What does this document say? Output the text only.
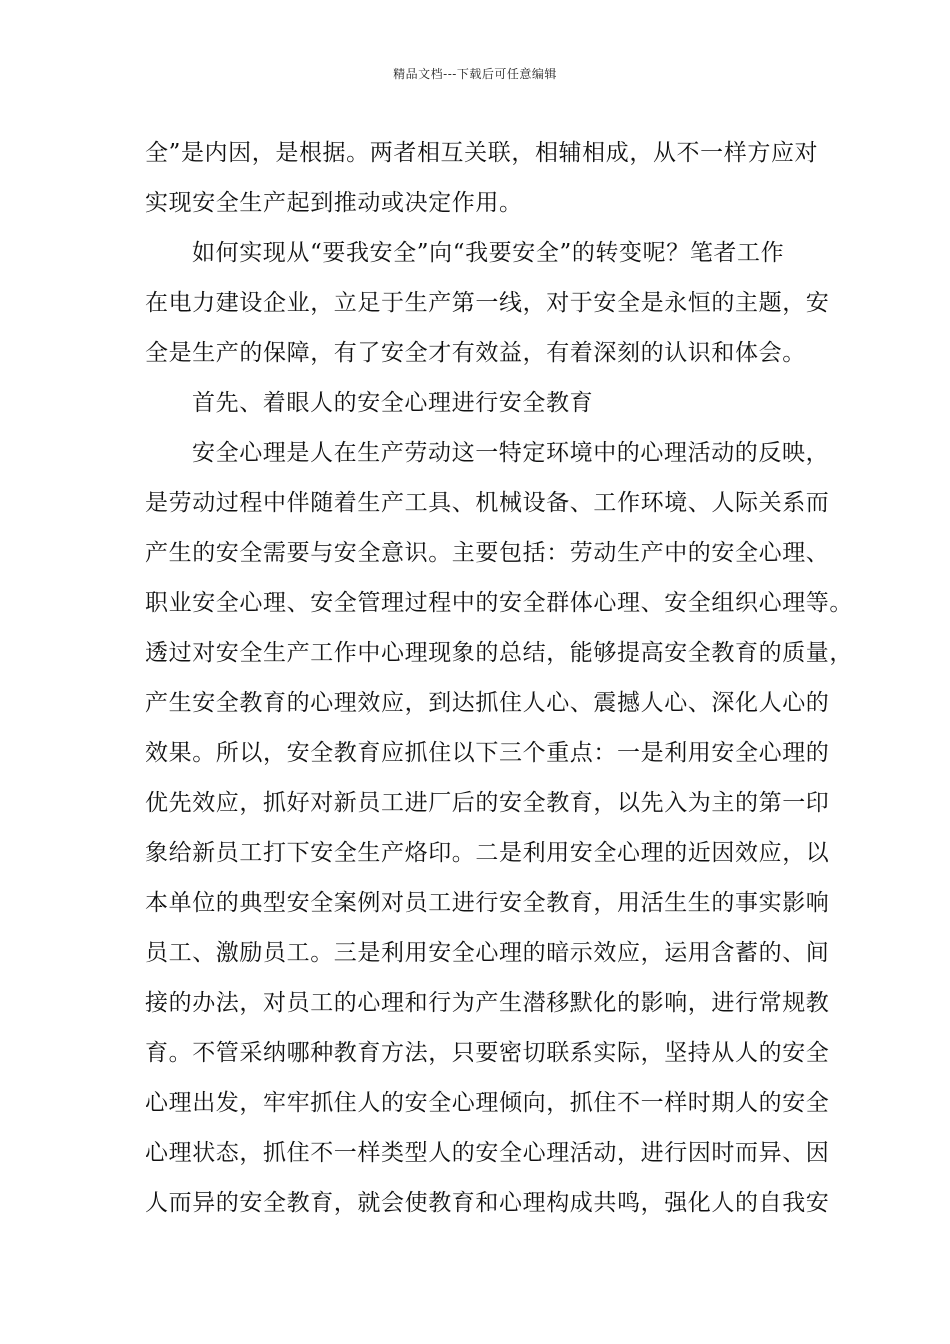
精品文档---下载后可任意编辑
全”是内因，是根据。两者相互关联，相辅相成，从不一样方应对
实现安全生产起到推动或决定作用。
如何实现从“要我安全”向“我要安全”的转变呢？笔者工作
在电力建设企业，立足于生产第一线，对于安全是永恒的主题，安
全是生产的保障，有了安全才有效益，有着深刻的认识和体会。
首先、着眼人的安全心理进行安全教育
安全心理是人在生产劳动这一特定环境中的心理活动的反映，
是劳动过程中伴随着生产工具、机械设备、工作环境、人际关系而
产生的安全需要与安全意识。主要包括：劳动生产中的安全心理、
职业安全心理、安全管理过程中的安全群体心理、安全组织心理等。
透过对安全生产工作中心理现象的总结，能够提高安全教育的质量，
产生安全教育的心理效应，到达抓住人心、震撼人心、深化人心的
效果。所以，安全教育应抓住以下三个重点：一是利用安全心理的
优先效应，抓好对新员工进厂后的安全教育，以先入为主的第一印
象给新员工打下安全生产烙印。二是利用安全心理的近因效应，以
本单位的典型安全案例对员工进行安全教育，用活生生的事实影响
员工、激励员工。三是利用安全心理的暗示效应，运用含蓄的、间
接的办法，对员工的心理和行为产生潜移默化的影响，进行常规教
育。不管采纳哪种教育方法，只要密切联系实际，坚持从人的安全
心理出发，牢牢抓住人的安全心理倾向，抓住不一样时期人的安全
心理状态，抓住不一样类型人的安全心理活动，进行因时而异、因
人而异的安全教育，就会使教育和心理构成共鸣，强化人的自我安
